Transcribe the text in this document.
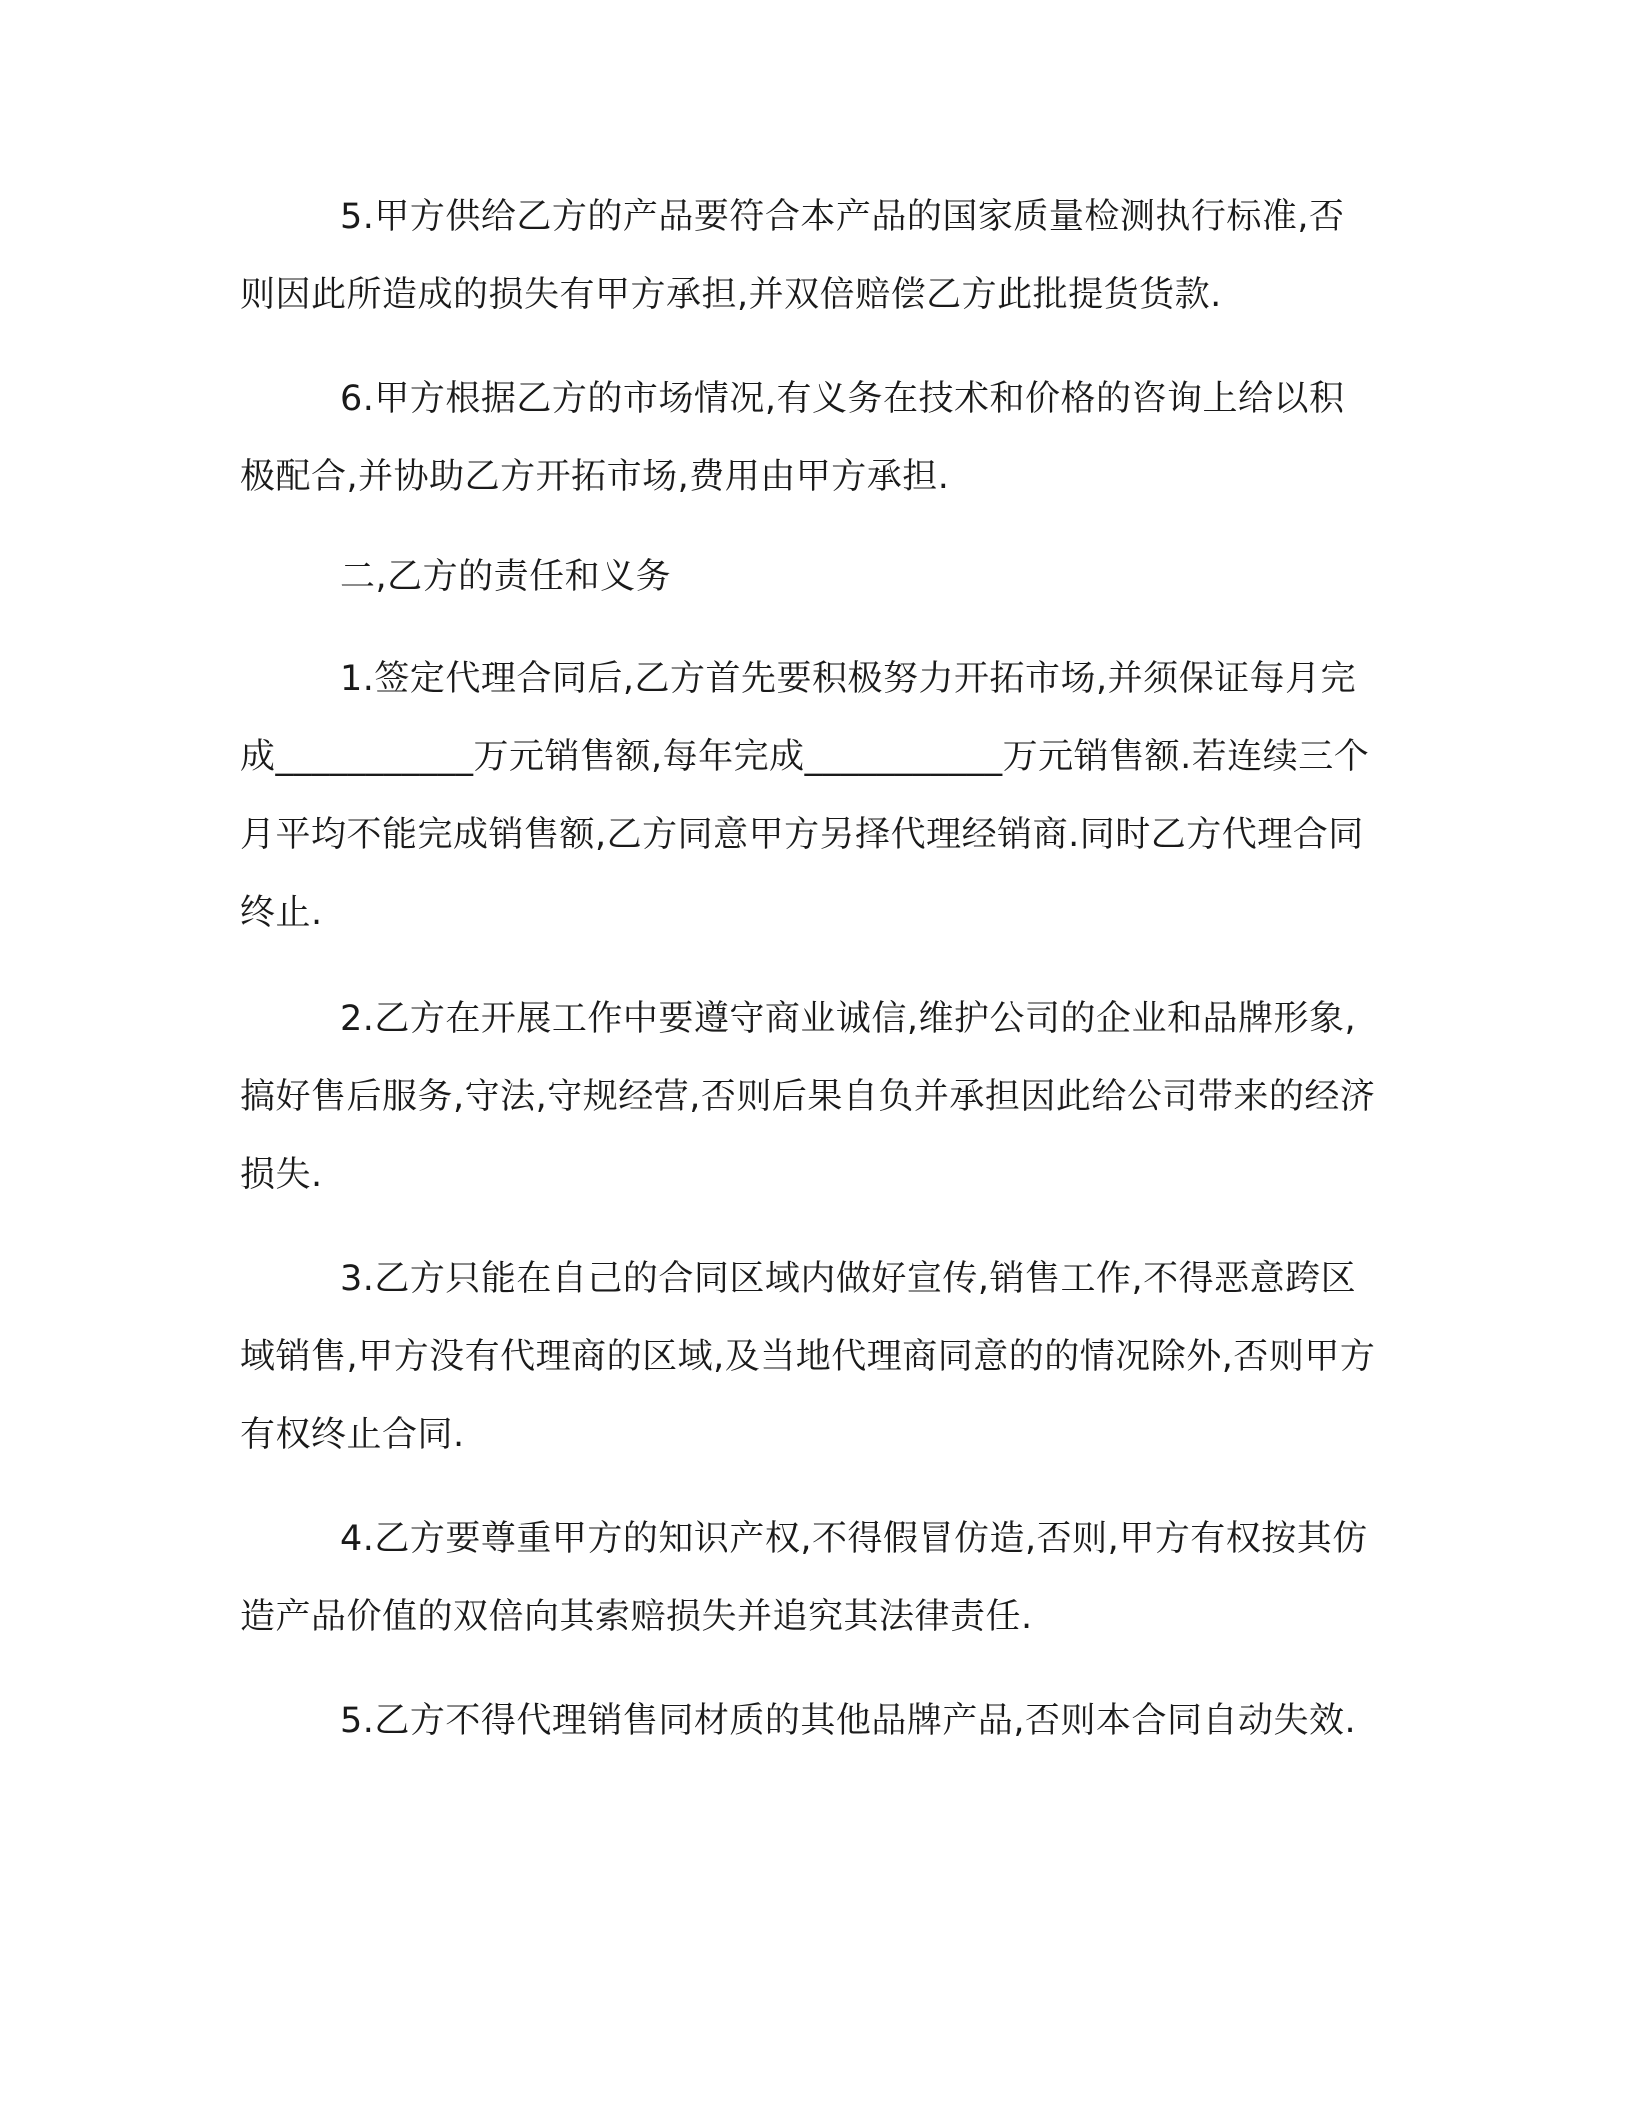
5.甲方供给乙方的产品要符合本产品的国家质量检测执行标准,否则因此所造成的损失有甲方承担,并双倍赔偿乙方此批提货货款.

6.甲方根据乙方的市场情况,有义务在技术和价格的咨询上给以积极配合,并协助乙方开拓市场,费用由甲方承担.

二,乙方的责任和义务

1.签定代理合同后,乙方首先要积极努力开拓市场,并须保证每月完成___________万元销售额,每年完成___________万元销售额.若连续三个月平均不能完成销售额,乙方同意甲方另择代理经销商.同时乙方代理合同终止.

2.乙方在开展工作中要遵守商业诚信,维护公司的企业和品牌形象,搞好售后服务,守法,守规经营,否则后果自负并承担因此给公司带来的经济损失.

3.乙方只能在自己的合同区域内做好宣传,销售工作,不得恶意跨区域销售,甲方没有代理商的区域,及当地代理商同意的的情况除外,否则甲方有权终止合同.

4.乙方要尊重甲方的知识产权,不得假冒仿造,否则,甲方有权按其仿造产品价值的双倍向其索赔损失并追究其法律责任.

5.乙方不得代理销售同材质的其他品牌产品,否则本合同自动失效.
